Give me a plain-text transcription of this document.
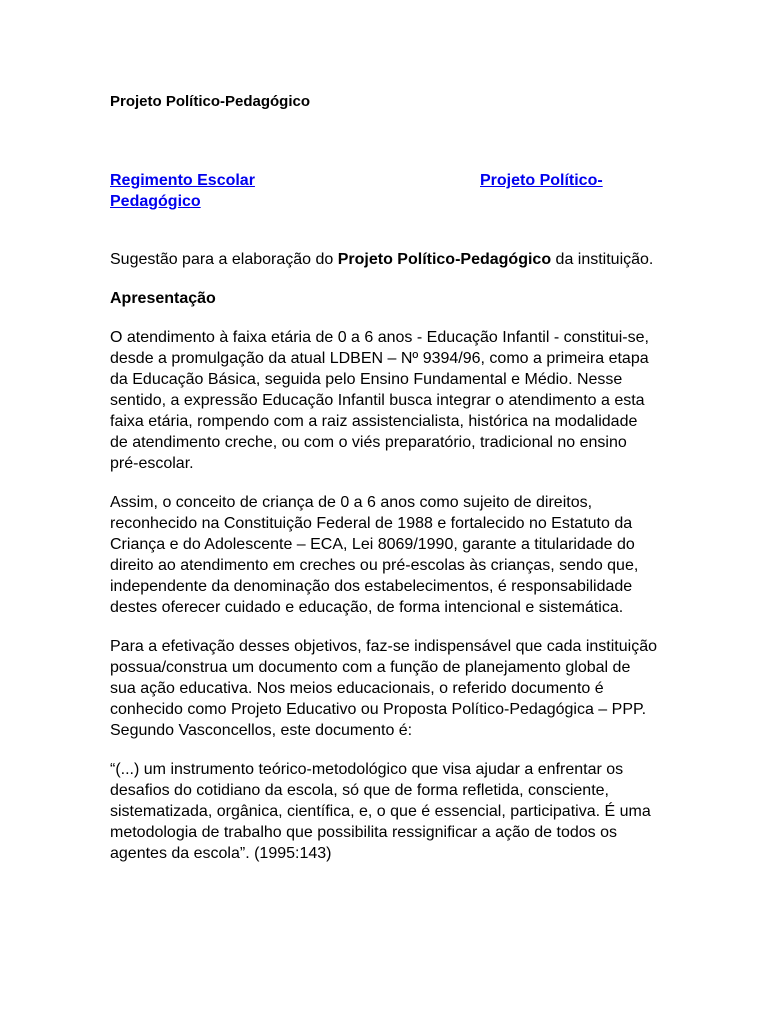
Projeto Político-Pedagógico
Regimento Escolar	Projeto Político-
Pedagógico

Sugestão para a elaboração do Projeto Político-Pedagógico da instituição.

Apresentação

O atendimento à faixa etária de 0 a 6 anos - Educação Infantil - constitui-se, desde a promulgação da atual LDBEN – Nº 9394/96, como a primeira etapa da Educação Básica, seguida pelo Ensino Fundamental e Médio. Nesse sentido, a expressão Educação Infantil busca integrar o atendimento a esta faixa etária, rompendo com a raiz assistencialista, histórica na modalidade de atendimento creche, ou com o viés preparatório, tradicional no ensino pré-escolar.

Assim, o conceito de criança de 0 a 6 anos como sujeito de direitos, reconhecido na Constituição Federal de 1988 e fortalecido no Estatuto da Criança e do Adolescente – ECA, Lei 8069/1990, garante a titularidade do direito ao atendimento em creches ou pré-escolas às crianças, sendo que, independente da denominação dos estabelecimentos, é responsabilidade destes oferecer cuidado e educação, de forma intencional e sistemática.

Para a efetivação desses objetivos, faz-se indispensável que cada instituição possua/construa um documento com a função de planejamento global de sua ação educativa. Nos meios educacionais, o referido documento é conhecido como Projeto Educativo ou Proposta Político-Pedagógica – PPP. Segundo Vasconcellos, este documento é:

“(...) um instrumento teórico-metodológico que visa ajudar a enfrentar os desafios do cotidiano da escola, só que de forma refletida, consciente, sistematizada, orgânica, científica, e, o que é essencial, participativa. É uma metodologia de trabalho que possibilita ressignificar a ação de todos os agentes da escola”. (1995:143)
